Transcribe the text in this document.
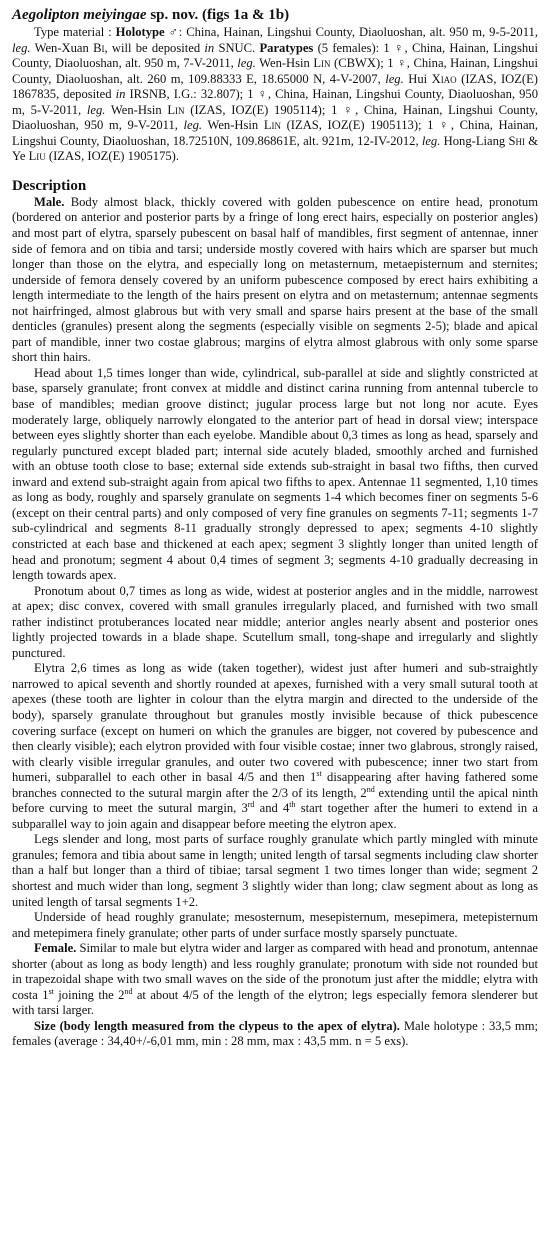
Aegolipton meiyingae sp. nov. (figs 1a & 1b)

Type material : Holotype ♂: China, Hainan, Lingshui County, Diaoluoshan, alt. 950 m, 9-5-2011, leg. Wen-Xuan Bi, will be deposited in SNUC. Paratypes (5 females): 1 ♀, China, Hainan, Lingshui County, Diaoluoshan, alt. 950 m, 7-V-2011, leg. Wen-Hsin Lin (CBWX); 1 ♀, China, Hainan, Lingshui County, Diaoluoshan, alt. 260 m, 109.88333 E, 18.65000 N, 4-V-2007, leg. Hui Xiao (IZAS, IOZ(E) 1867835, deposited in IRSNB, I.G.: 32.807); 1 ♀, China, Hainan, Lingshui County, Diaoluoshan, 950 m, 5-V-2011, leg. Wen-Hsin Lin (IZAS, IOZ(E) 1905114); 1 ♀, China, Hainan, Lingshui County, Diaoluoshan, 950 m, 9-V-2011, leg. Wen-Hsin Lin (IZAS, IOZ(E) 1905113); 1 ♀, China, Hainan, Lingshui County, Diaoluoshan, 18.72510N, 109.86861E, alt. 921m, 12-IV-2012, leg. Hong-Liang Shi & Ye Liu (IZAS, IOZ(E) 1905175).

Description

Male. Body almost black, thickly covered with golden pubescence on entire head, pronotum (bordered on anterior and posterior parts by a fringe of long erect hairs, especially on posterior angles) and most part of elytra, sparsely pubescent on basal half of mandibles, first segment of antennae, inner side of femora and on tibia and tarsi; underside mostly covered with hairs which are sparser but much longer than those on the elytra, and especially long on metasternum, metaepisternum and sternites; underside of femora densely covered by an uniform pubescence composed by erect hairs exhibiting a length intermediate to the length of the hairs present on elytra and on metasternum; antennae segments not hairfringed, almost glabrous but with very small and sparse hairs present at the base of the small denticles (granules) present along the segments (especially visible on segments 2-5); blade and apical part of mandible, inner two costae glabrous; margins of elytra almost glabrous with only some sparse short thin hairs.

Head about 1,5 times longer than wide, cylindrical, sub-parallel at side and slightly constricted at base, sparsely granulate; front convex at middle and distinct carina running from antennal tubercle to base of mandibles; median groove distinct; jugular process large but not long nor acute. Eyes moderately large, obliquely narrowly elongated to the anterior part of head in dorsal view; interspace between eyes slightly shorter than each eyelobe. Mandible about 0,3 times as long as head, sparsely and regularly punctured except bladed part; internal side acutely bladed, smoothly arched and furnished with an obtuse tooth close to base; external side extends sub-straight in basal two fifths, then curved inward and extend sub-straight again from apical two fifths to apex. Antennae 11 segmented, 1,10 times as long as body, roughly and sparsely granulate on segments 1-4 which becomes finer on segments 5-6 (except on their central parts) and only composed of very fine granules on segments 7-11; segments 1-7 sub-cylindrical and segments 8-11 gradually strongly depressed to apex; segments 4-10 slightly constricted at each base and thickened at each apex; segment 3 slightly longer than united length of head and pronotum; segment 4 about 0,4 times of segment 3; segments 4-10 gradually decreasing in length towards apex.

Pronotum about 0,7 times as long as wide, widest at posterior angles and in the middle, narrowest at apex; disc convex, covered with small granules irregularly placed, and furnished with two small rather indistinct protuberances located near middle; anterior angles nearly absent and posterior ones lightly projected towards in a blade shape. Scutellum small, tong-shape and irregularly and slightly punctured.

Elytra 2,6 times as long as wide (taken together), widest just after humeri and sub-straightly narrowed to apical seventh and shortly rounded at apexes, furnished with a very small sutural tooth at apexes (these tooth are lighter in colour than the elytra margin and directed to the underside of the body), sparsely granulate throughout but granules mostly invisible because of thick pubescence covering surface (except on humeri on which the granules are bigger, not covered by pubescence and then clearly visible); each elytron provided with four visible costae; inner two glabrous, strongly raised, with clearly visible irregular granules, and outer two covered with pubescence; inner two start from humeri, subparallel to each other in basal 4/5 and then 1st disappearing after having fathered some branches connected to the sutural margin after the 2/3 of its length, 2nd extending until the apical ninth before curving to meet the sutural margin, 3rd and 4th start together after the humeri to extend in a subparallel way to join again and disappear before meeting the elytron apex.

Legs slender and long, most parts of surface roughly granulate which partly mingled with minute granules; femora and tibia about same in length; united length of tarsal segments including claw shorter than a half but longer than a third of tibiae; tarsal segment 1 two times longer than wide; segment 2 shortest and much wider than long, segment 3 slightly wider than long; claw segment about as long as united length of tarsal segments 1+2.

Underside of head roughly granulate; mesosternum, mesepisternum, mesepimera, metepisternum and metepimera finely granulate; other parts of under surface mostly sparsely punctuate.

Female. Similar to male but elytra wider and larger as compared with head and pronotum, antennae shorter (about as long as body length) and less roughly granulate; pronotum with side not rounded but in trapezoidal shape with two small waves on the side of the pronotum just after the middle; elytra with costa 1st joining the 2nd at about 4/5 of the length of the elytron; legs especially femora slenderer but with tarsi larger.

Size (body length measured from the clypeus to the apex of elytra). Male holotype : 33,5 mm; females (average : 34,40+/-6,01 mm, min : 28 mm, max : 43,5 mm. n = 5 exs).
